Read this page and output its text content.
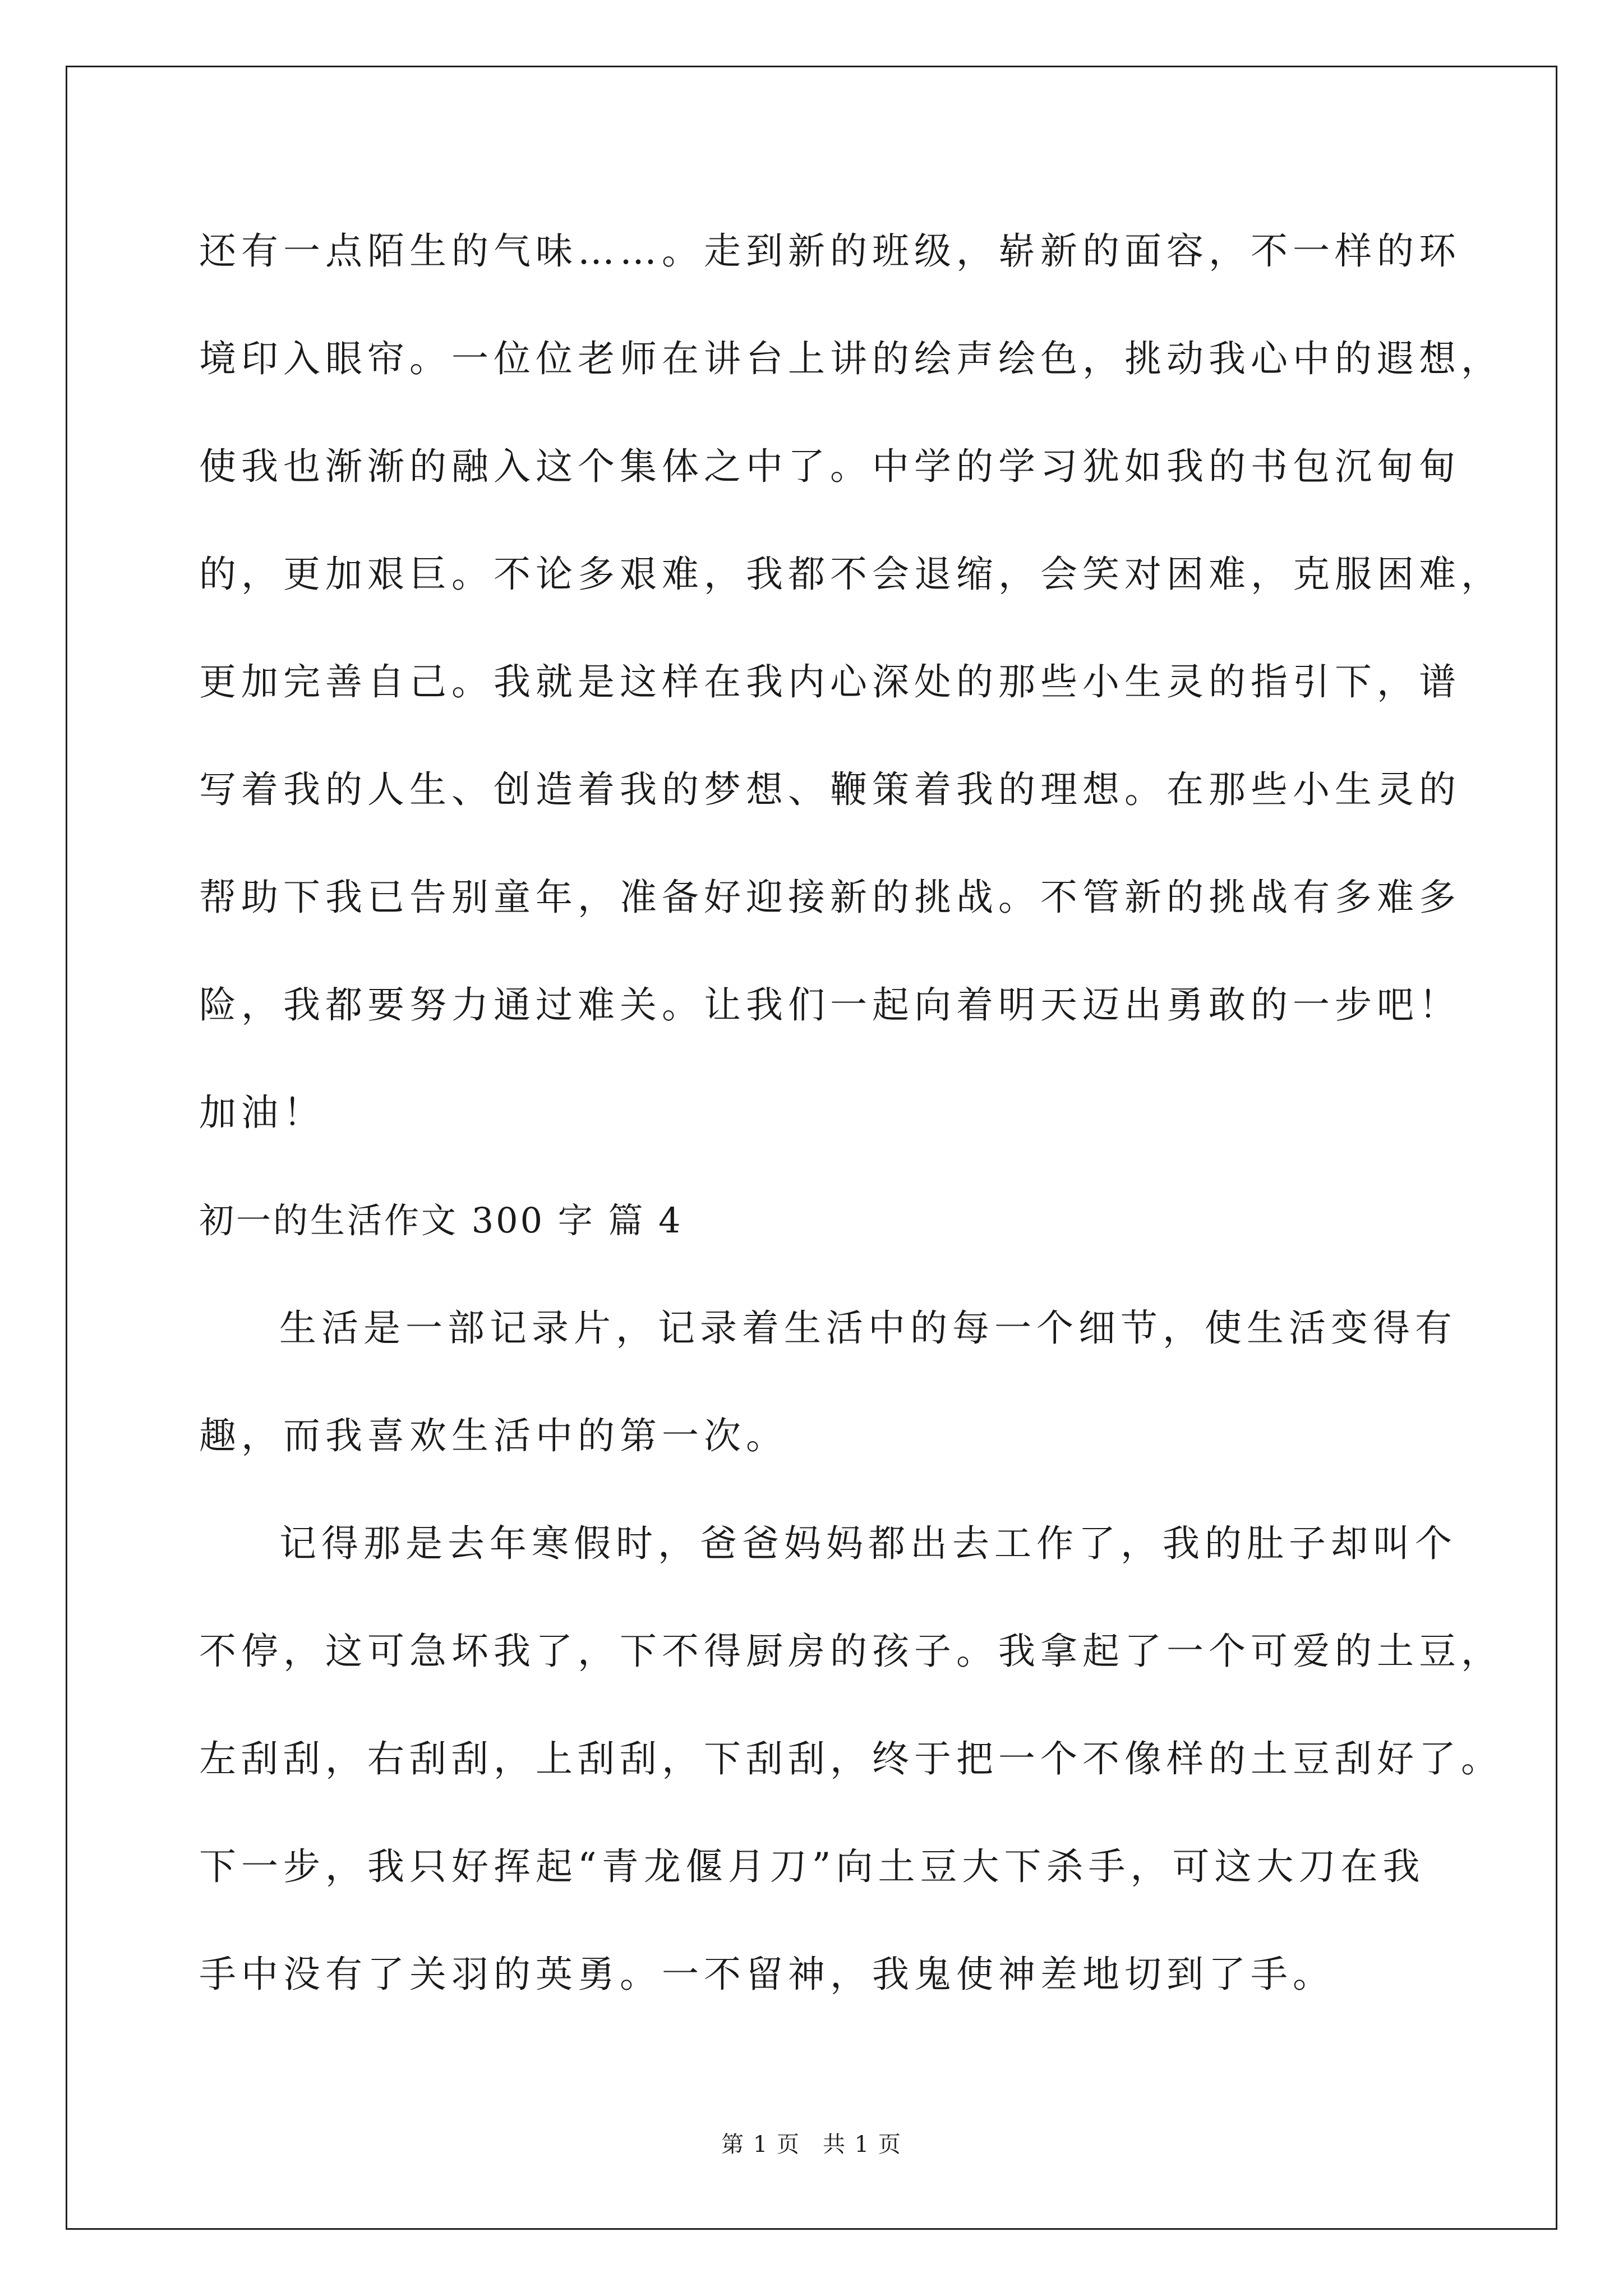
还有一点陌生的气味……。走到新的班级，崭新的面容，不一样的环
境印入眼帘。一位位老师在讲台上讲的绘声绘色，挑动我心中的遐想，
使我也渐渐的融入这个集体之中了。中学的学习犹如我的书包沉甸甸
的，更加艰巨。不论多艰难，我都不会退缩，会笑对困难，克服困难，
更加完善自己。我就是这样在我内心深处的那些小生灵的指引下，谱
写着我的人生、创造着我的梦想、鞭策着我的理想。在那些小生灵的
帮助下我已告别童年，准备好迎接新的挑战。不管新的挑战有多难多
险，我都要努力通过难关。让我们一起向着明天迈出勇敢的一步吧！
加油！
初一的生活作文 300 字 篇 4
生活是一部记录片，记录着生活中的每一个细节，使生活变得有
趣，而我喜欢生活中的第一次。
记得那是去年寒假时，爸爸妈妈都出去工作了，我的肚子却叫个
不停，这可急坏我了，下不得厨房的孩子。我拿起了一个可爱的土豆，
左刮刮，右刮刮，上刮刮，下刮刮，终于把一个不像样的土豆刮好了。
下一步，我只好挥起“青龙偃月刀”向土豆大下杀手，可这大刀在我
手中没有了关羽的英勇。一不留神，我鬼使神差地切到了手。
第 1 页 共 1 页
